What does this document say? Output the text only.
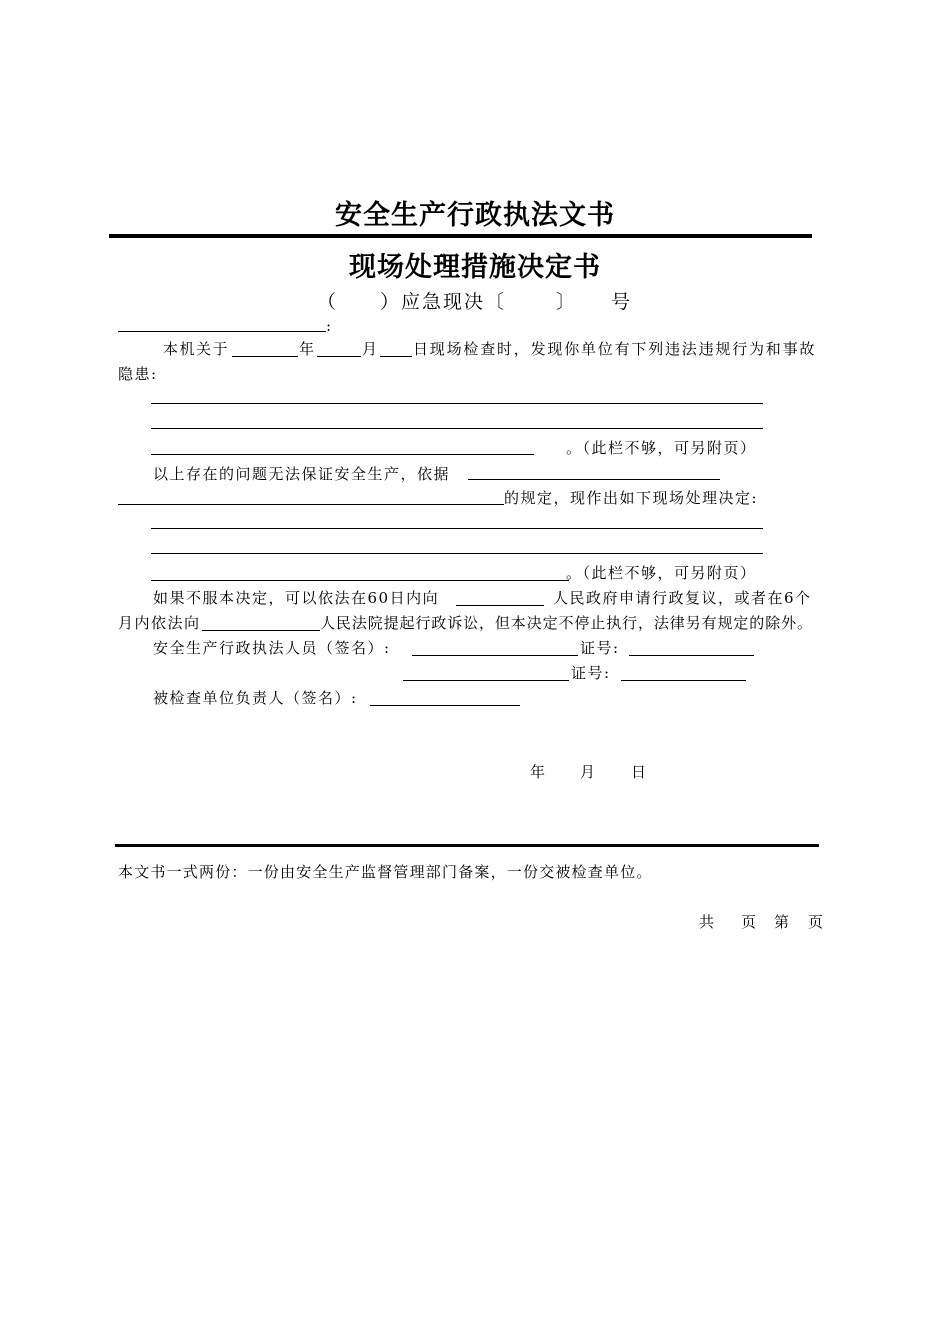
安全生产行政执法文书
现场处理措施决定书
（ ）应急现决〔	〕 号
:
本机关于	年	月 日现场检查时，发现你单位有下列违法违规行为和事故
隐患:
。（此栏不够，可另附页）
以上存在的问题无法保证安全生产，依据
的规定，现作出如下现场处理决定:
。（此栏不够，可另附页）
如果不服本决定，可以依法在60日内向	人民政府申请行政复议，或者在6个
月内依法向	人民法院提起行政诉讼，但本决定不停止执行，法律另有规定的除外。
安全生产行政执法人员（签名）:	证号:
证号:
被检查单位负责人（签名）:
年 月 日
本文书一式两份：一份由安全生产监督管理部门备案，一份交被检查单位。
共 页 第 页
